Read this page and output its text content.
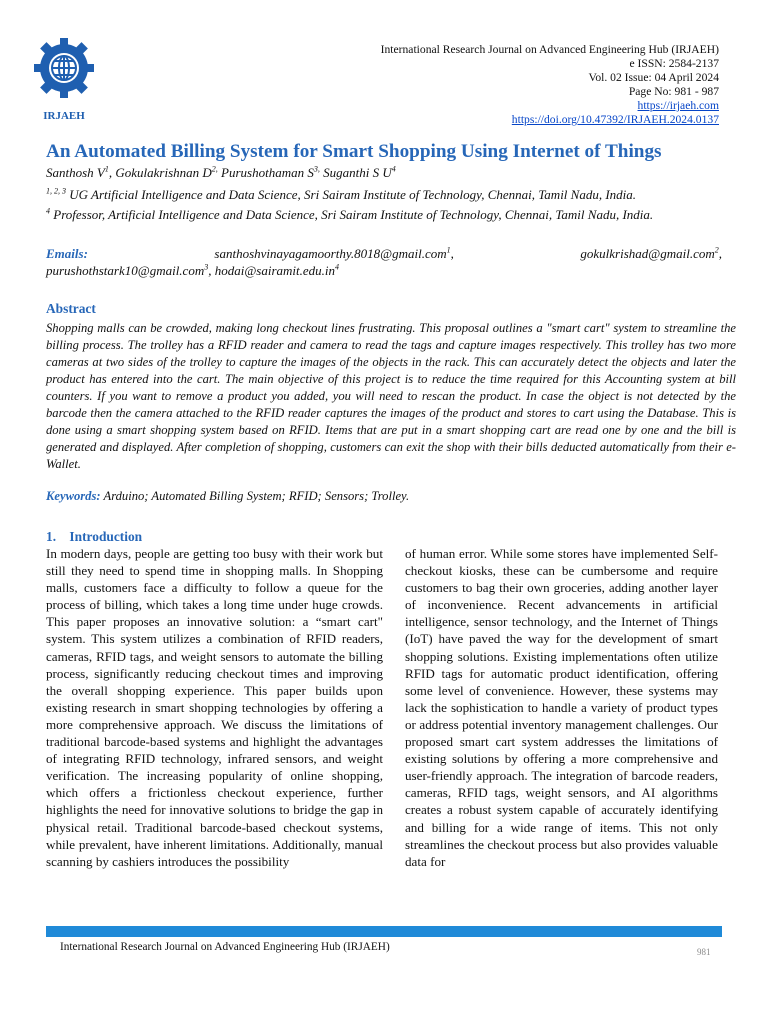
IRJAEH
International Research Journal on Advanced Engineering Hub (IRJAEH)
e ISSN: 2584-2137
Vol. 02 Issue: 04 April 2024
Page No: 981 - 987
https://irjaeh.com
https://doi.org/10.47392/IRJAEH.2024.0137
An Automated Billing System for Smart Shopping Using Internet of Things
Santhosh $V^1$, Gokulakrishnan $D^{2,}$ Purushothaman $S^{3,}$ Suganthi S $U^4$
$^{1, 2, 3}$ UG Artificial Intelligence and Data Science, Sri Sairam Institute of Technology, Chennai, Tamil Nadu, India.
$^4$ Professor, Artificial Intelligence and Data Science, Sri Sairam Institute of Technology, Chennai, Tamil Nadu, India.
Emails:	santhoshvinayagamoorthy.8018@gmail.com$^1$,	gokulkrishad@gmail.com$^2$,
purushothstark10@gmail.com$^3$, $hodai@sairamit.edu.in^4$
Abstract

Shopping malls can be crowded, making long checkout lines frustrating. This proposal outlines a "smart cart" system to streamline the billing process. The trolley has a RFID reader and camera to read the tags and capture images respectively. This trolley has two more cameras at two sides of the trolley to capture the images of the objects in the rack. This can accurately detect the objects and later the product has entered into the cart. The main objective of this project is to reduce the time required for this Accounting system at bill counters. If you want to remove a product you added, you will need to rescan the product. In case the object is not detected by the barcode then the camera attached to the RFID reader captures the images of the product and stores to cart using the Database. This is done using a smart shopping system based on RFID. Items that are put in a smart shopping cart are read one by one and the bill is generated and displayed. After completion of shopping, customers can exit the shop with their bills deducted automatically from their e-Wallet.

Keywords: Arduino; Automated Billing System; RFID; Sensors; Trolley.
1.    Introduction

In modern days, people are getting too busy with their work but still they need to spend time in shopping malls. In Shopping malls, customers face a difficulty to follow a queue for the process of billing, which takes a long time under huge crowds. This paper proposes an innovative solution: a “smart cart" system. This system utilizes a combination of RFID readers, cameras, RFID tags, and weight sensors to automate the billing process, significantly reducing checkout times and improving the overall shopping experience. This paper builds upon existing research in smart shopping technologies by offering a more comprehensive approach. We discuss the limitations of traditional barcode-based systems and highlight the advantages of integrating RFID technology, infrared sensors, and weight verification. The increasing popularity of online shopping, which offers a frictionless checkout experience, further highlights the need for innovative solutions to bridge the gap in physical retail. Traditional barcode-based checkout systems, while prevalent, have inherent limitations. Additionally, manual scanning by cashiers introduces the possibility

of human error. While some stores have implemented Self-checkout kiosks, these can be cumbersome and require customers to bag their own groceries, adding another layer of inconvenience. Recent advancements in artificial intelligence, sensor technology, and the Internet of Things (IoT) have paved the way for the development of smart shopping solutions. Existing implementations often utilize RFID tags for automatic product identification, offering some level of convenience. However, these systems may lack the sophistication to handle a variety of product types or address potential inventory management challenges. Our proposed smart cart system addresses the limitations of existing solutions by offering a more comprehensive and user-friendly approach. The integration of barcode readers, cameras, RFID tags, weight sensors, and AI algorithms creates a robust system capable of accurately identifying and billing for a wide range of items. This not only streamlines the checkout process but also provides valuable data for

International Research Journal on Advanced Engineering Hub (IRJAEH)	981
